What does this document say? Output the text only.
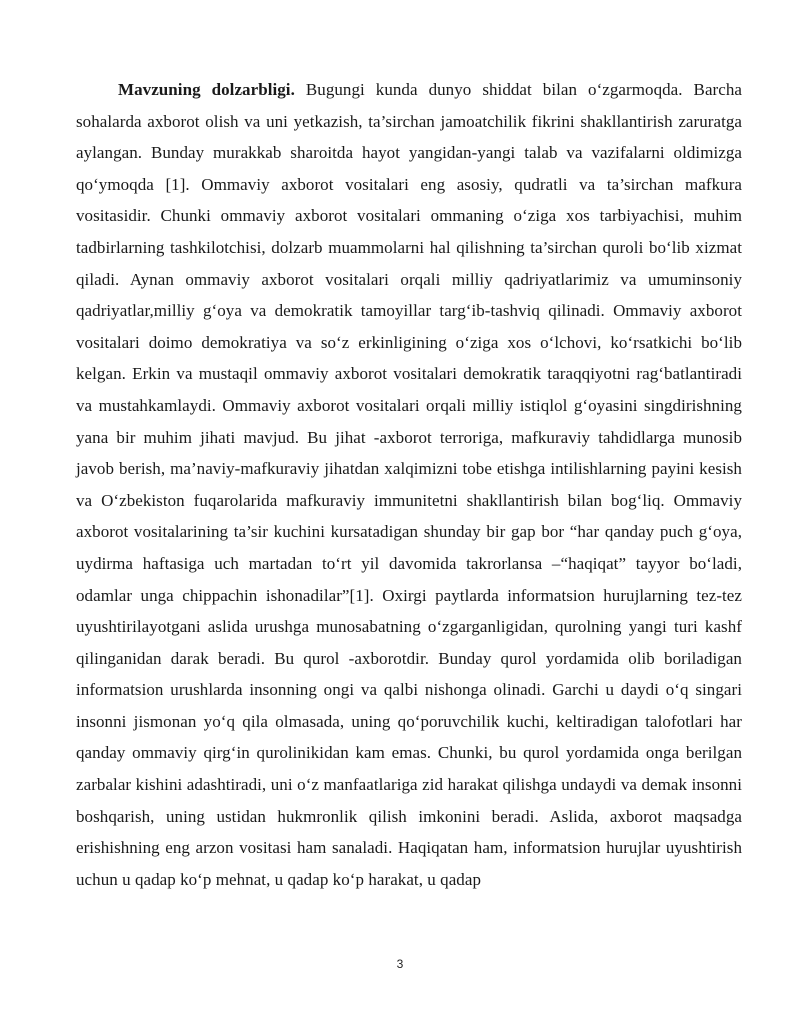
Mavzuning dolzarbligi. Bugungi kunda dunyo shiddat bilan o‘zgarmoqda. Barcha sohalarda axborot olish va uni yetkazish, ta’sirchan jamoatchilik fikrini shakllantirish zaruratga aylangan. Bunday murakkab sharoitda hayot yangidan-yangi talab va vazifalarni oldimizga qo‘ymoqda [1]. Ommaviy axborot vositalari eng asosiy, qudratli va ta’sirchan mafkura vositasidir. Chunki ommaviy axborot vositalari ommaning o‘ziga xos tarbiyachisi, muhim tadbirlarning tashkilotchisi, dolzarb muammolarni hal qilishning ta’sirchan quroli bo‘lib xizmat qiladi. Aynan ommaviy axborot vositalari orqali milliy qadriyatlarimiz va umuminsoniy qadriyatlar,milliy g‘oya va demokratik tamoyillar targ‘ib-tashviq qilinadi. Ommaviy axborot vositalari doimo demokratiya va so‘z erkinligining o‘ziga xos o‘lchovi, ko‘rsatkichi bo‘lib kelgan. Erkin va mustaqil ommaviy axborot vositalari demokratik taraqqiyotni rag‘batlantiradi va mustahkamlaydi. Ommaviy axborot vositalari orqali milliy istiqlol g‘oyasini singdirishning yana bir muhim jihati mavjud. Bu jihat -axborot terroriga, mafkuraviy tahdidlarga munosib javob berish, ma’naviy-mafkuraviy jihatdan xalqimizni tobe etishga intilishlarning payini kesish va O‘zbekiston fuqarolarida mafkuraviy immunitetni shakllantirish bilan bog‘liq. Ommaviy axborot vositalarining ta’sir kuchini kursatadigan shunday bir gap bor “har qanday puch g‘oya, uydirma haftasiga uch martadan to‘rt yil davomida takrorlansa –“haqiqat” tayyor bo‘ladi, odamlar unga chippachin ishonadilar”[1]. Oxirgi paytlarda informatsion hurujlarning tez-tez uyushtirilayotgani aslida urushga munosabatning o‘zgarganligidan, qurolning yangi turi kashf qilinganidan darak beradi. Bu qurol -axborotdir. Bunday qurol yordamida olib boriladigan informatsion urushlarda insonning ongi va qalbi nishonga olinadi. Garchi u daydi o‘q singari insonni jismonan yo‘q qila olmasada, uning qo‘poruvchilik kuchi, keltiradigan talofotlari har qanday ommaviy qirg‘in qurolinikidan kam emas. Chunki, bu qurol yordamida onga berilgan zarbalar kishini adashtiradi, uni o‘z manfaatlariga zid harakat qilishga undaydi va demak insonni boshqarish, uning ustidan hukmronlik qilish imkonini beradi. Aslida, axborot maqsadga erishishning eng arzon vositasi ham sanaladi. Haqiqatan ham, informatsion hurujlar uyushtirish uchun u qadap ko‘p mehnat, u qadap ko‘p harakat, u qadap

3
